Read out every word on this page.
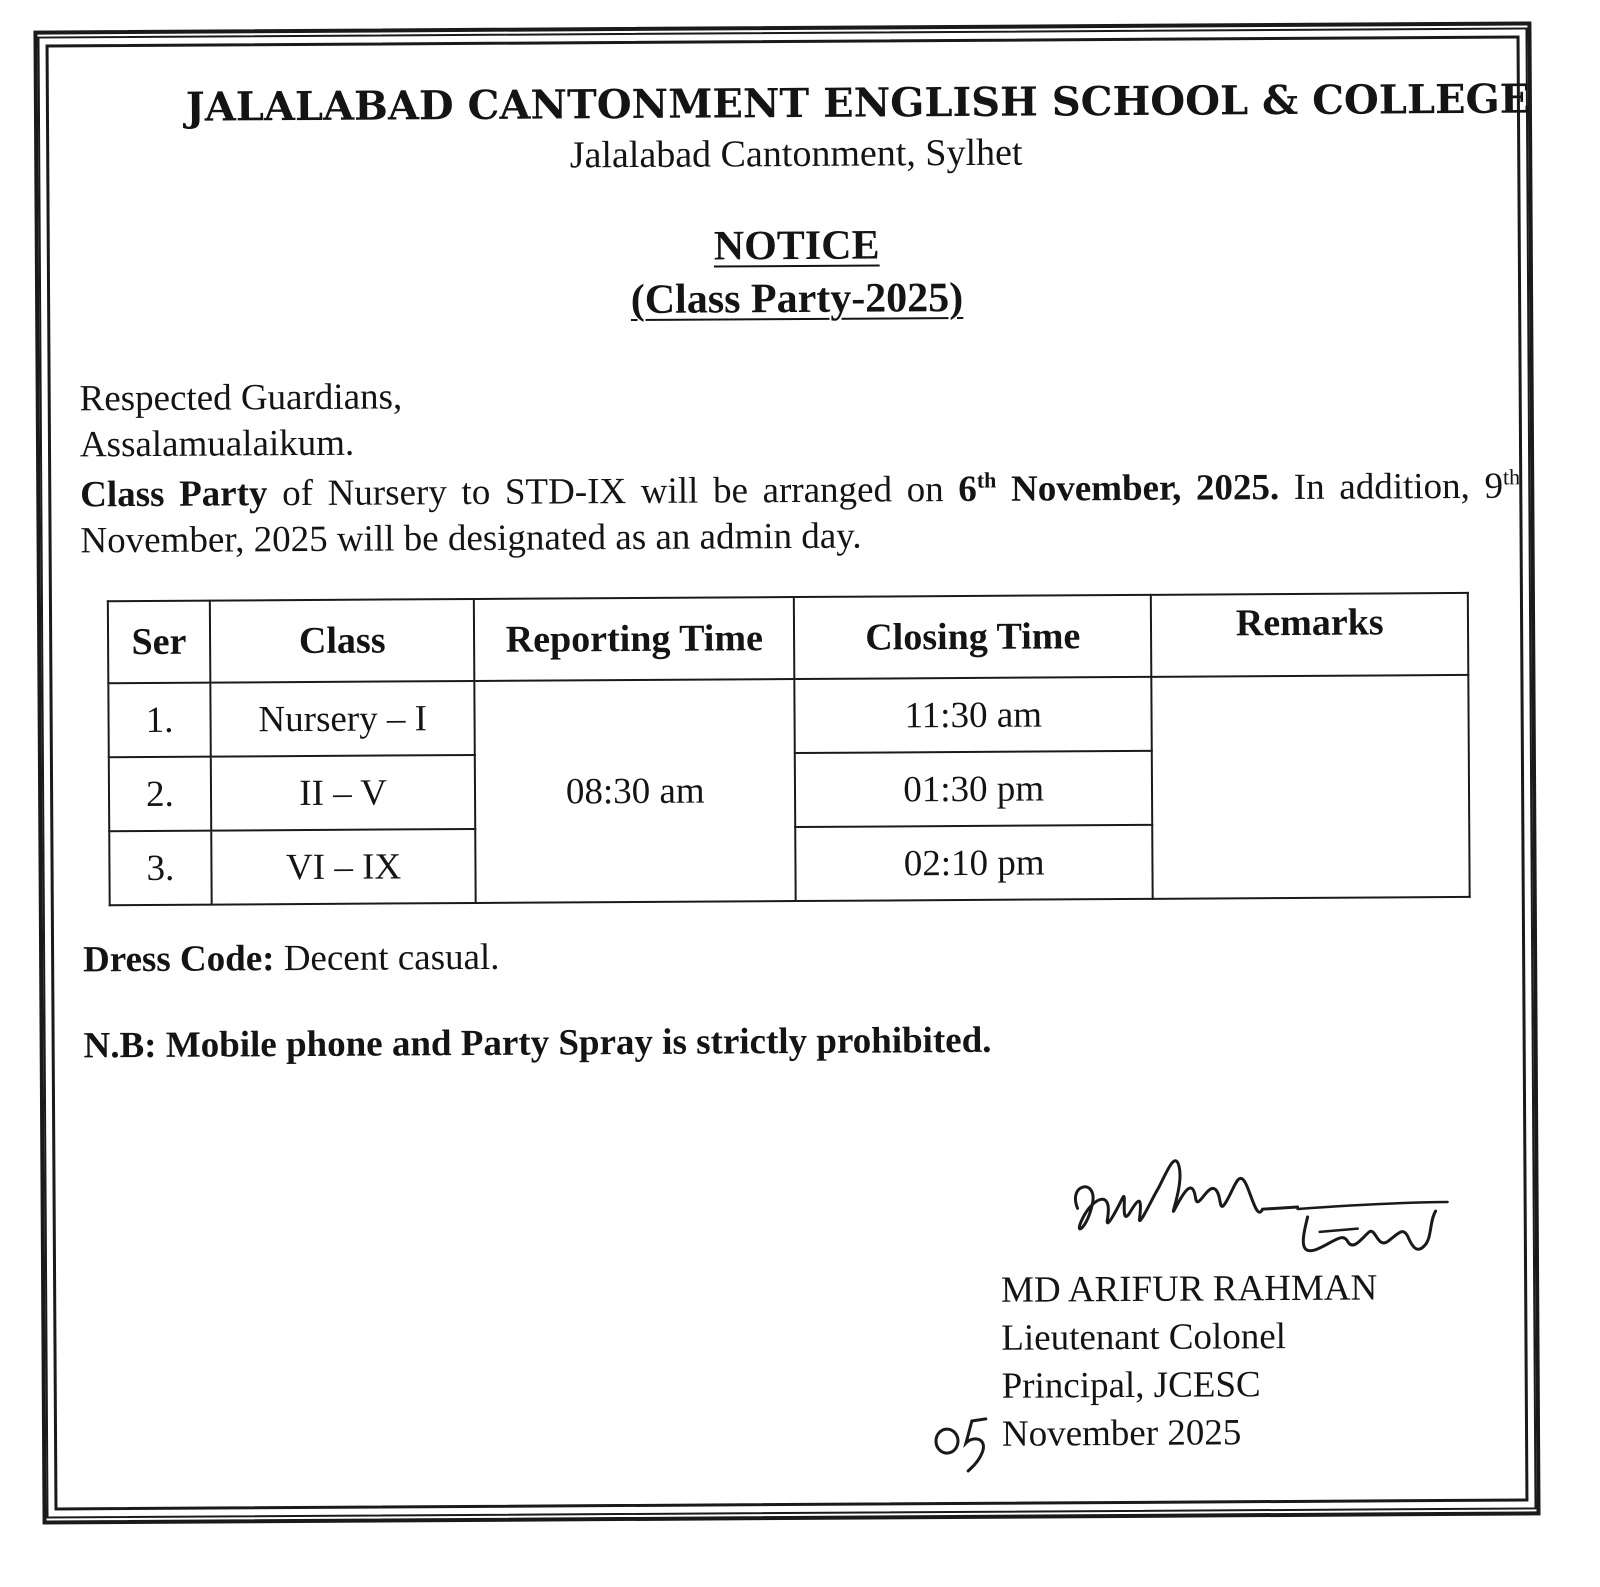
JALALABAD CANTONMENT ENGLISH SCHOOL & COLLEGE

Jalalabad Cantonment, Sylhet

NOTICE

(Class Party-2025)

Respected Guardians,

Assalamualaikum.

Class Party of Nursery to STD-IX will be arranged on 6th November, 2025. In addition, 9th November, 2025 will be designated as an admin day.

Ser	Class	Reporting Time	Closing Time	Remarks
1.	Nursery – I	08:30 am	11:30 am	
2.	II – V		01:30 pm	
3.	VI – IX		02:10 pm	

Dress Code: Decent casual.

N.B: Mobile phone and Party Spray is strictly prohibited.

MD ARIFUR RAHMAN
Lieutenant Colonel
Principal, JCESC
November 2025
